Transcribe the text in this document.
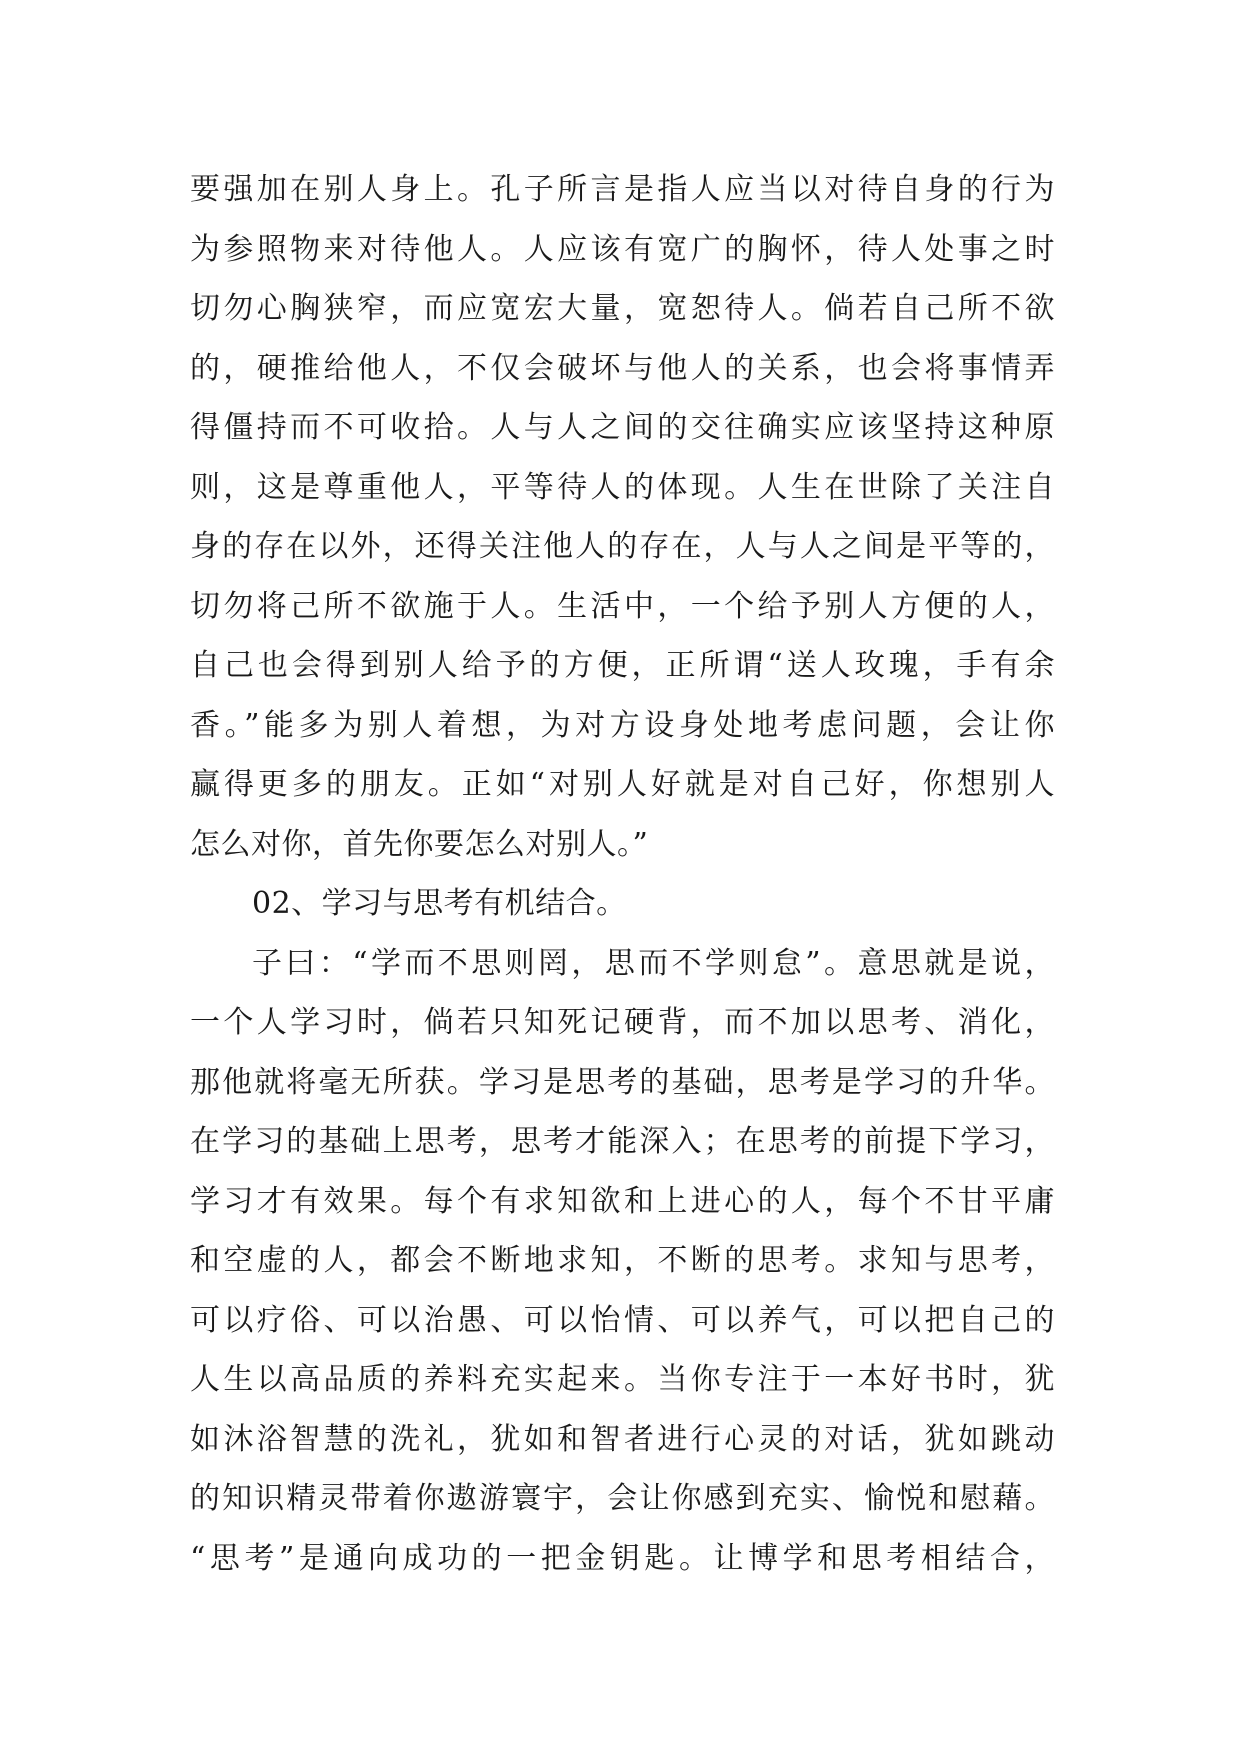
要强加在别人身上。孔子所言是指人应当以对待自身的行为
为参照物来对待他人。人应该有宽广的胸怀，待人处事之时
切勿心胸狭窄，而应宽宏大量，宽恕待人。倘若自己所不欲
的，硬推给他人，不仅会破坏与他人的关系，也会将事情弄
得僵持而不可收拾。人与人之间的交往确实应该坚持这种原
则，这是尊重他人，平等待人的体现。人生在世除了关注自
身的存在以外，还得关注他人的存在，人与人之间是平等的，
切勿将己所不欲施于人。生活中，一个给予别人方便的人，
自己也会得到别人给予的方便，正所谓“送人玫瑰，手有余
香。”能多为别人着想，为对方设身处地考虑问题，会让你
赢得更多的朋友。正如“对别人好就是对自己好，你想别人
怎么对你，首先你要怎么对别人。”
02、学习与思考有机结合。
子曰：“学而不思则罔，思而不学则怠”。意思就是说，
一个人学习时，倘若只知死记硬背，而不加以思考、消化，
那他就将毫无所获。学习是思考的基础，思考是学习的升华。
在学习的基础上思考，思考才能深入；在思考的前提下学习，
学习才有效果。每个有求知欲和上进心的人，每个不甘平庸
和空虚的人，都会不断地求知，不断的思考。求知与思考，
可以疗俗、可以治愚、可以怡情、可以养气，可以把自己的
人生以高品质的养料充实起来。当你专注于一本好书时，犹
如沐浴智慧的洗礼，犹如和智者进行心灵的对话，犹如跳动
的知识精灵带着你遨游寰宇，会让你感到充实、愉悦和慰藉。
“思考”是通向成功的一把金钥匙。让博学和思考相结合，
